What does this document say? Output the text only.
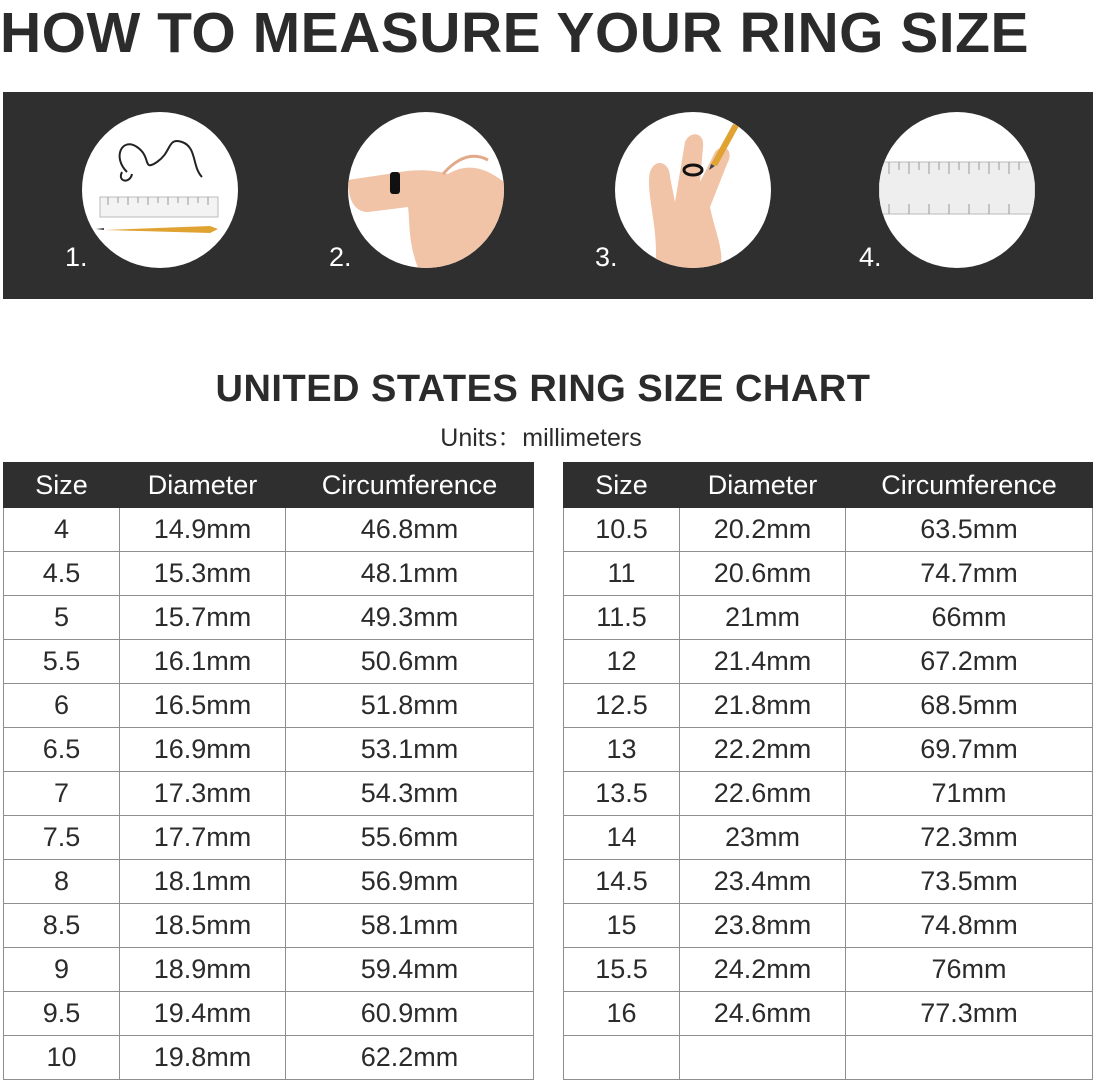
HOW TO MEASURE YOUR RING SIZE
1.	2.	3.	4.
UNITED STATES RING SIZE CHART
Units：millimeters
Size	Diameter	Circumference
4	14.9mm	46.8mm
4.5	15.3mm	48.1mm
5	15.7mm	49.3mm
5.5	16.1mm	50.6mm
6	16.5mm	51.8mm
6.5	16.9mm	53.1mm
7	17.3mm	54.3mm
7.5	17.7mm	55.6mm
8	18.1mm	56.9mm
8.5	18.5mm	58.1mm
9	18.9mm	59.4mm
9.5	19.4mm	60.9mm
10	19.8mm	62.2mm
Size	Diameter	Circumference
10.5	20.2mm	63.5mm
11	20.6mm	74.7mm
11.5	21mm	66mm
12	21.4mm	67.2mm
12.5	21.8mm	68.5mm
13	22.2mm	69.7mm
13.5	22.6mm	71mm
14	23mm	72.3mm
14.5	23.4mm	73.5mm
15	23.8mm	74.8mm
15.5	24.2mm	76mm
16	24.6mm	77.3mm
